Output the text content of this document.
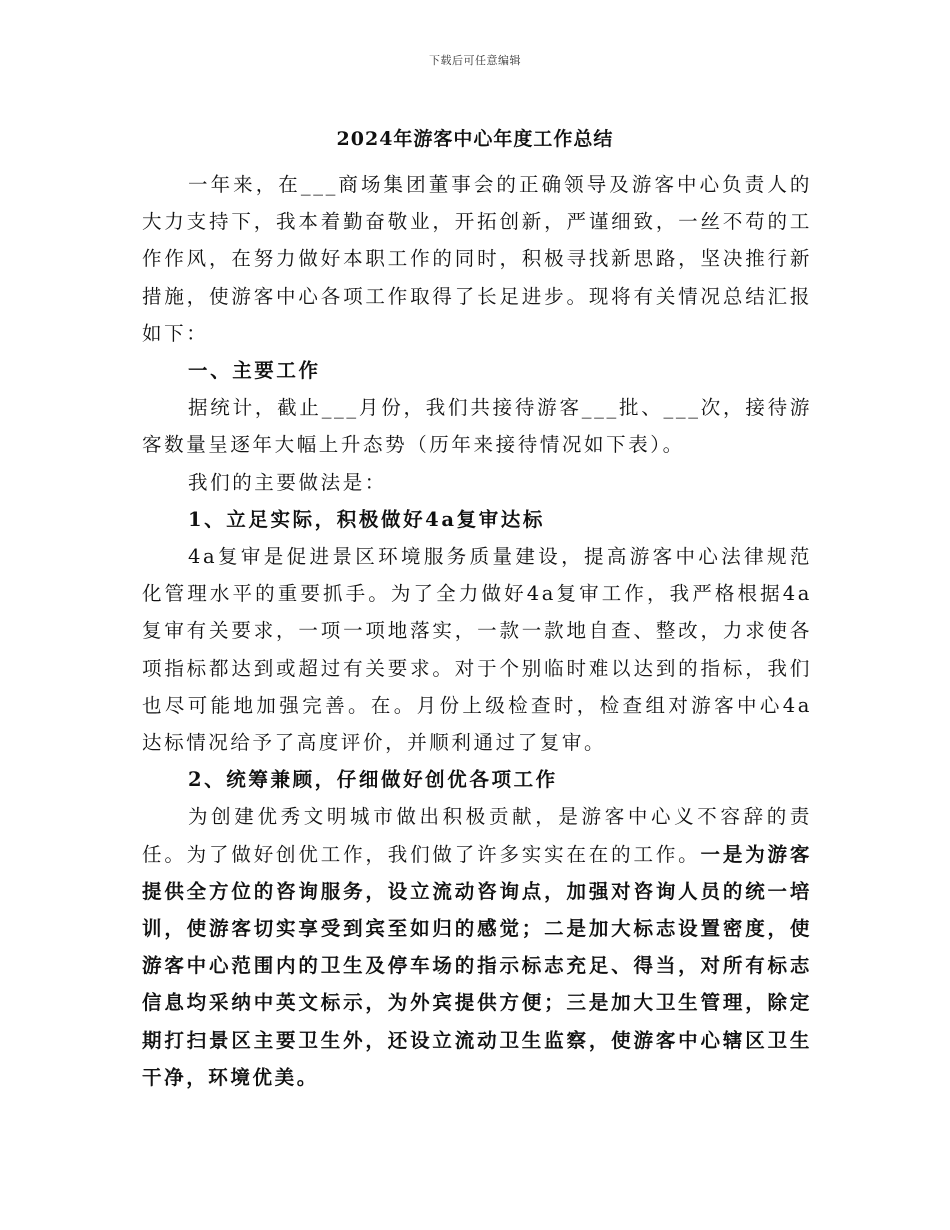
下载后可任意编辑
2024年游客中心年度工作总结

一年来，在___商场集团董事会的正确领导及游客中心负责人的大力支持下，我本着勤奋敬业，开拓创新，严谨细致，一丝不苟的工作作风，在努力做好本职工作的同时，积极寻找新思路，坚决推行新措施，使游客中心各项工作取得了长足进步。现将有关情况总结汇报如下：

一、主要工作

据统计，截止___月份，我们共接待游客___批、___次，接待游客数量呈逐年大幅上升态势（历年来接待情况如下表）。

我们的主要做法是：

1、立足实际，积极做好4a复审达标

4a复审是促进景区环境服务质量建设，提高游客中心法律规范化管理水平的重要抓手。为了全力做好4a复审工作，我严格根据4a复审有关要求，一项一项地落实，一款一款地自查、整改，力求使各项指标都达到或超过有关要求。对于个别临时难以达到的指标，我们也尽可能地加强完善。在。月份上级检查时，检查组对游客中心4a达标情况给予了高度评价，并顺利通过了复审。

2、统筹兼顾，仔细做好创优各项工作

为创建优秀文明城市做出积极贡献，是游客中心义不容辞的责任。为了做好创优工作，我们做了许多实实在在的工作。一是为游客提供全方位的咨询服务，设立流动咨询点，加强对咨询人员的统一培训，使游客切实享受到宾至如归的感觉；二是加大标志设置密度，使游客中心范围内的卫生及停车场的指示标志充足、得当，对所有标志信息均采纳中英文标示，为外宾提供方便；三是加大卫生管理，除定期打扫景区主要卫生外，还设立流动卫生监察，使游客中心辖区卫生干净，环境优美。
